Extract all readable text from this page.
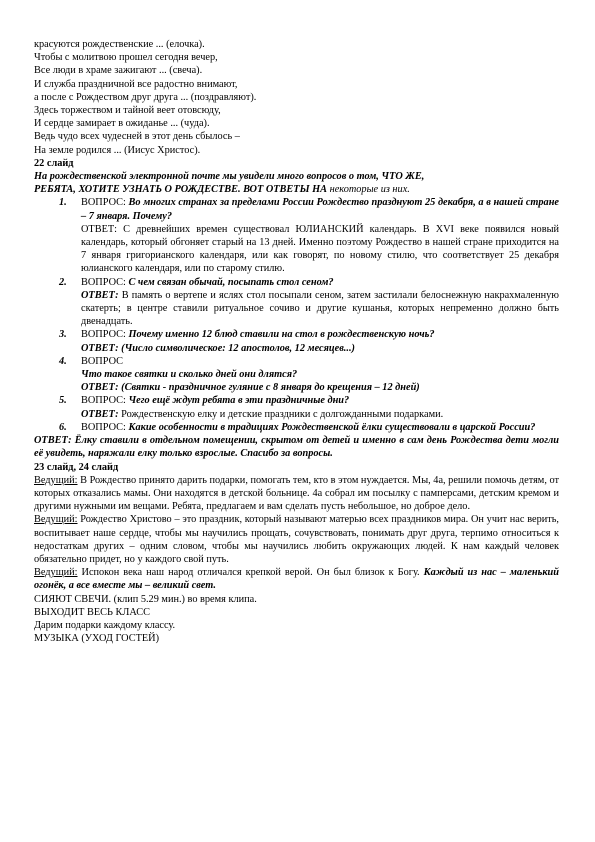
красуются рождественские ... (елочка).
Чтобы с молитвою прошел сегодня вечер,
Все люди в храме зажигают ... (свеча).
И служба праздничной все радостно внимают,
а после с Рождеством друг друга ... (поздравляют).
Здесь торжеством и тайной веет отовсюду,
И сердце замирает в ожиданье ... (чуда).
Ведь чудо всех чудесней в этот день сбылось –
На земле родился ... (Иисус Христос).
22 слайд
На рождественской электронной почте мы увидели много вопросов о том, ЧТО ЖЕ,
РЕБЯТА, ХОТИТЕ УЗНАТЬ О РОЖДЕСТВЕ. ВОТ ОТВЕТЫ НА некоторые из них.
1. ВОПРОС: Во многих странах за пределами России Рождество празднуют 25 декабря, а в нашей стране – 7 января. Почему?
ОТВЕТ: С древнейших времен существовал ЮЛИАНСКИЙ календарь. В XVI веке появился новый календарь, который обгоняет старый на 13 дней. Именно поэтому Рождество в нашей стране приходится на 7 января григорианского календаря, или как говорят, по новому стилю, что соответствует 25 декабря юлианского календаря, или по старому стилю.
2. ВОПРОС: С чем связан обычай, посыпать стол сеном?
ОТВЕТ: В память о вертепе и яслях стол посыпали сеном, затем застилали белоснежную накрахмаленную скатерть; в центре ставили ритуальное сочиво и другие кушанья, которых непременно должно быть двенадцать.
3. ВОПРОС: Почему именно 12 блюд ставили на стол в рождественскую ночь?
ОТВЕТ: (Число символическое: 12 апостолов, 12 месяцев...)
4. ВОПРОС
Что такое святки и сколько дней они длятся?
ОТВЕТ: (Святки - праздничное гуляние с 8 января до крещения – 12 дней)
5. ВОПРОС: Чего ещё ждут ребята в эти праздничные дни?
ОТВЕТ: Рождественскую елку и детские праздники с долгожданными подарками.
6. ВОПРОС: Какие особенности в традициях Рождественской ёлки существовали в царской России?
ОТВЕТ: Ёлку ставили в отдельном помещении, скрытом от детей и именно в сам день Рождества дети могли её увидеть, наряжали елку только взрослые. Спасибо за вопросы.
23 слайд, 24 слайд
Ведущий: В Рождество принято дарить подарки, помогать тем, кто в этом нуждается. Мы, 4а, решили помочь детям, от которых отказались мамы. Они находятся в детской больнице. 4а собрал им посылку с памперсами, детским кремом и другими нужными им вещами. Ребята, предлагаем и вам сделать пусть небольшое, но доброе дело.
Ведущий: Рождество Христово – это праздник, который называют матерью всех праздников мира. Он учит нас верить, воспитывает наше сердце, чтобы мы научились прощать, сочувствовать, понимать друг друга, терпимо относиться к недостаткам других – одним словом, чтобы мы научились любить окружающих людей. К нам каждый человек обязательно придет, но у каждого свой путь.
Ведущий: Испокон века наш народ отличался крепкой верой. Он был близок к Богу. Каждый из нас – маленький огонёк, а все вместе мы – великий свет.
СИЯЮТ СВЕЧИ. (клип 5.29 мин.) во время клипа.
ВЫХОДИТ ВЕСЬ КЛАСС
Дарим подарки каждому классу.
МУЗЫКА (УХОД ГОСТЕЙ)
